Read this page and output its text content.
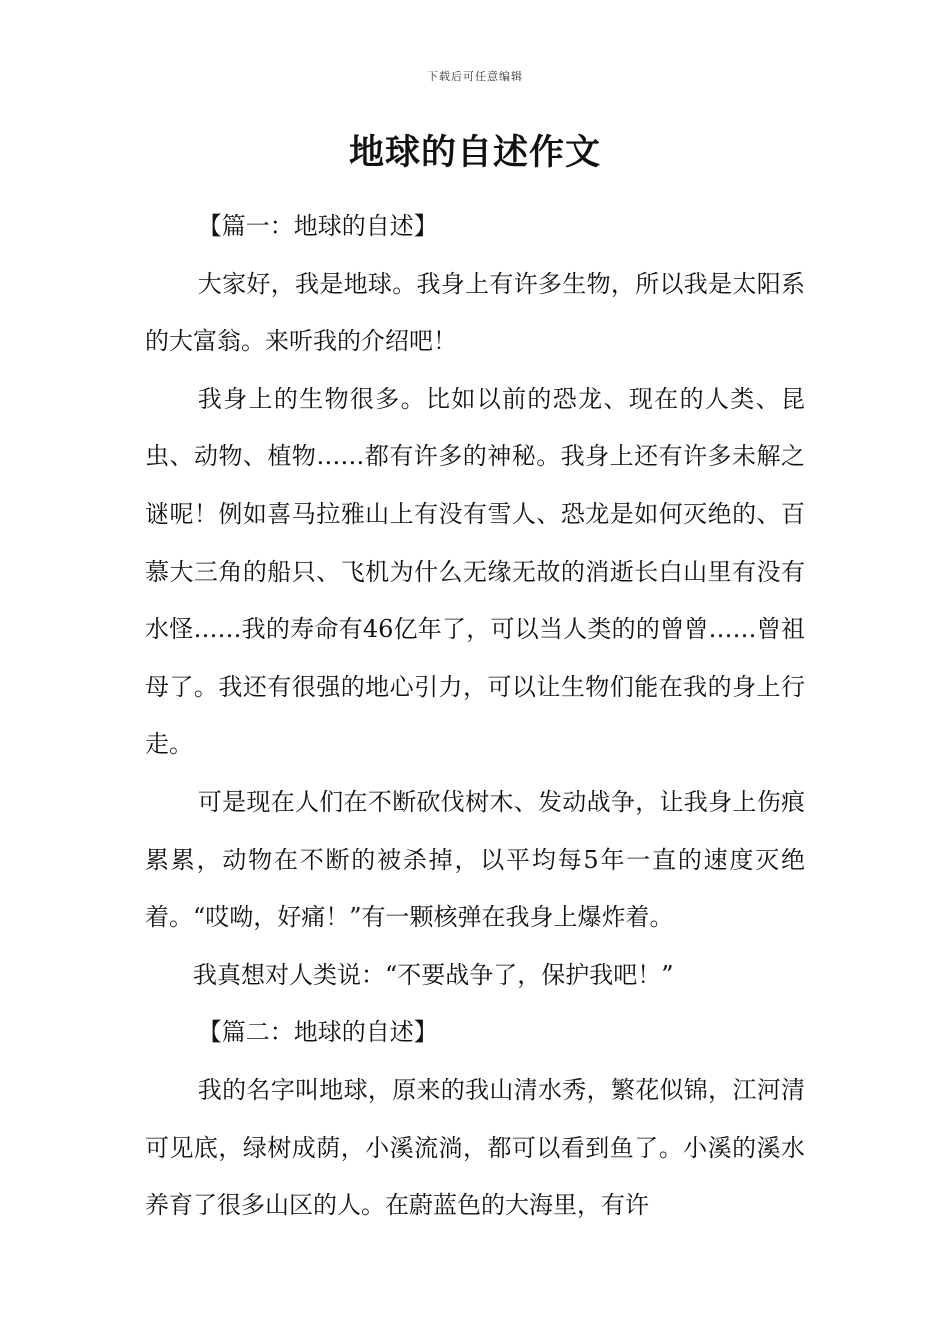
下载后可任意编辑
地球的自述作文

【篇一：地球的自述】

大家好，我是地球。我身上有许多生物，所以我是太阳系的大富翁。来听我的介绍吧！

我身上的生物很多。比如以前的恐龙、现在的人类、昆虫、动物、植物……都有许多的神秘。我身上还有许多未解之谜呢！例如喜马拉雅山上有没有雪人、恐龙是如何灭绝的、百慕大三角的船只、飞机为什么无缘无故的消逝长白山里有没有水怪……我的寿命有46亿年了，可以当人类的的曾曾……曾祖母了。我还有很强的地心引力，可以让生物们能在我的身上行走。

可是现在人们在不断砍伐树木、发动战争，让我身上伤痕累累，动物在不断的被杀掉，以平均每5年一直的速度灭绝着。“哎呦，好痛！”有一颗核弹在我身上爆炸着。

我真想对人类说：“不要战争了，保护我吧！”

【篇二：地球的自述】

我的名字叫地球，原来的我山清水秀，繁花似锦，江河清可见底，绿树成荫，小溪流淌，都可以看到鱼了。小溪的溪水养育了很多山区的人。在蔚蓝色的大海里，有许
